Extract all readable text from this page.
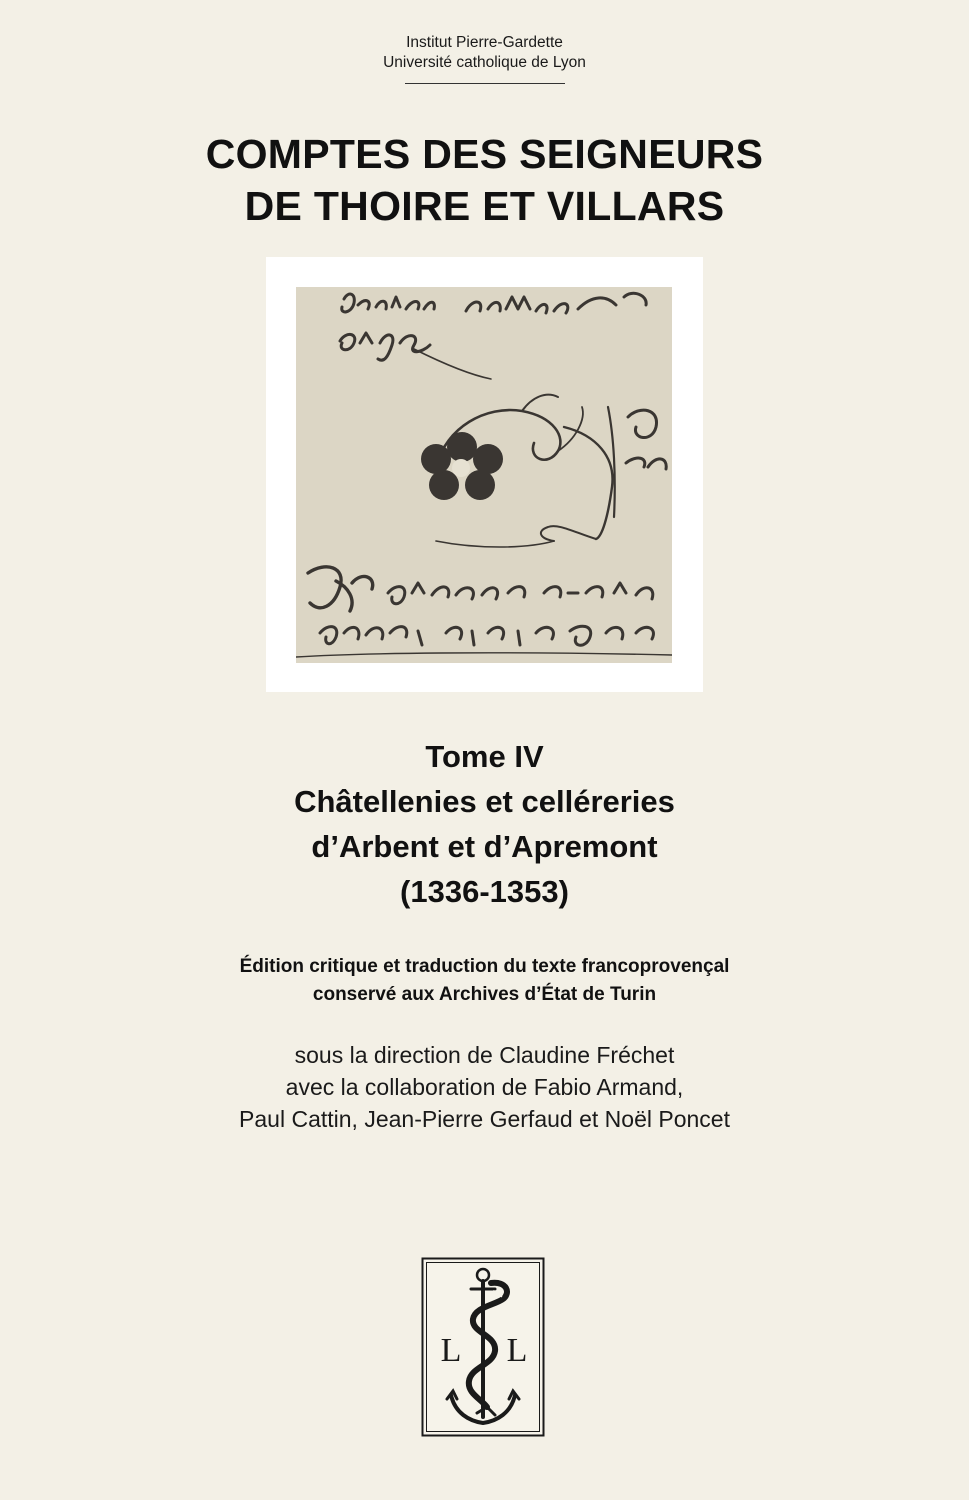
Institut Pierre-Gardette
Université catholique de Lyon
COMPTES DES SEIGNEURS
DE THOIRE ET VILLARS
Tome IV
Châtellenies et celléreries
d’Arbent et d’Apremont
(1336-1353)
Édition critique et traduction du texte francoprovençal
conservé aux Archives d’État de Turin
sous la direction de Claudine Fréchet
avec la collaboration de Fabio Armand,
Paul Cattin, Jean-Pierre Gerfaud et Noël Poncet
L L
